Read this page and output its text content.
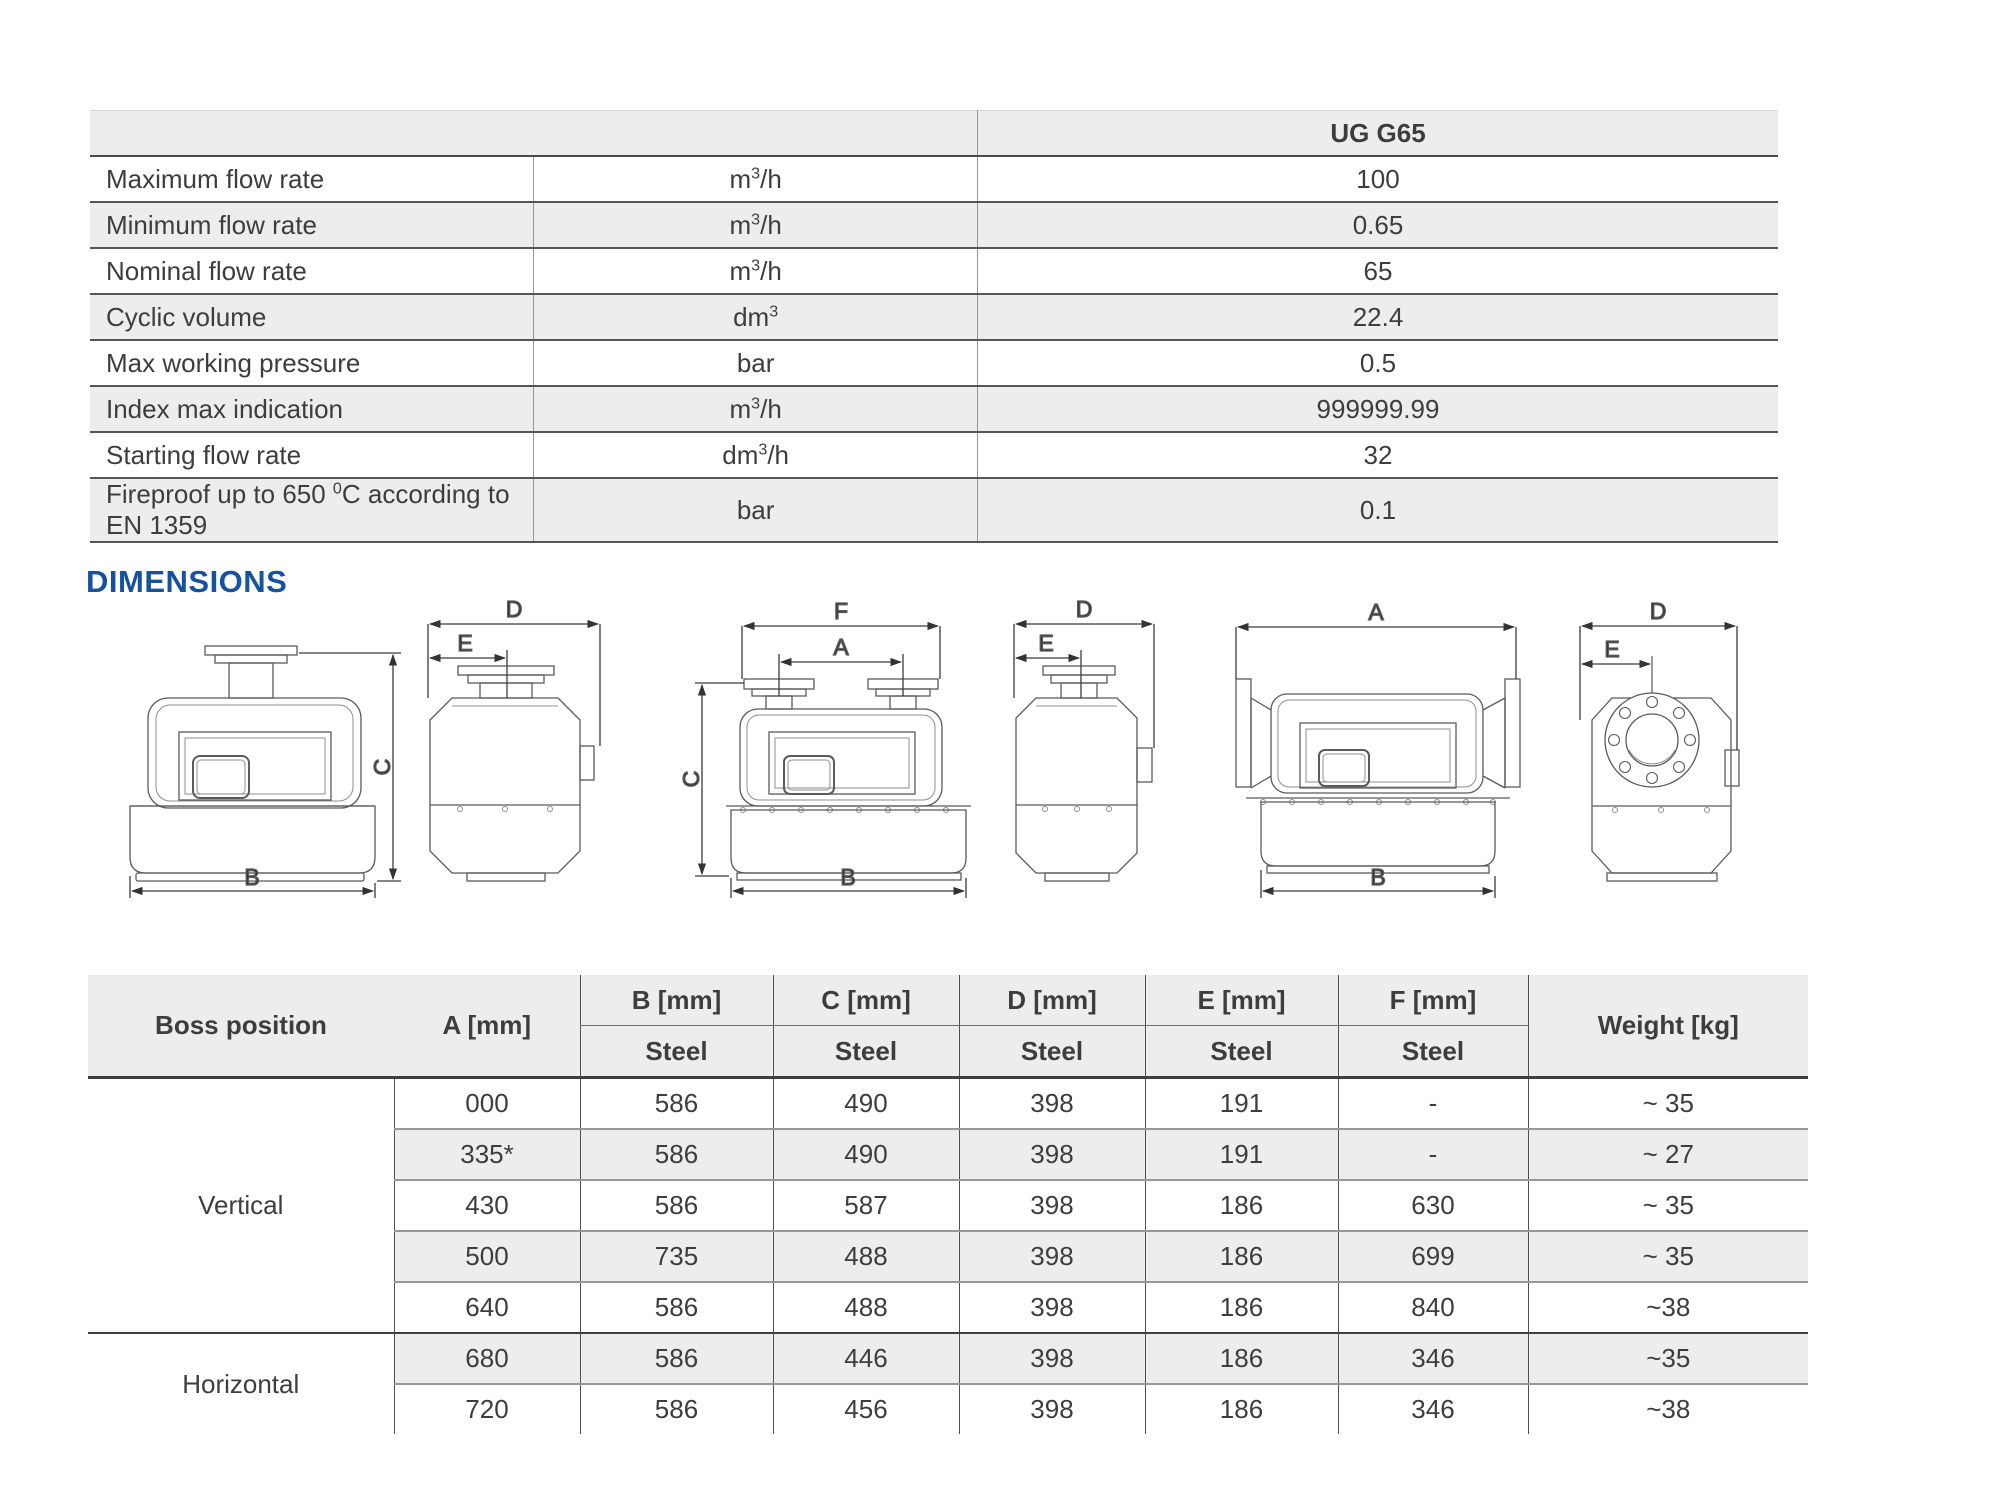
		UG G65
Maximum flow rate	$m^3/h$	100
Minimum flow rate	$m^3/h$	0.65
Nominal flow rate	$m^3/h$	65
Cyclic volume	$dm^3$	22.4
Max working pressure	bar	0.5
Index max indication	$m^3/h$	999999.99
Starting flow rate	$dm^3/h$	32
Fireproof up to 650 $^0$C according to EN 1359	bar	0.1
DIMENSIONS
C
B
D
E
F
A
C
B
D
E
A
B
D
E
Boss position	A [mm]	B [mm]	C [mm]	D [mm]	E [mm]	F [mm]	Weight [kg]
		Steel	Steel	Steel	Steel	Steel	
Vertical	000	586	490	398	191	-	~ 35
	335*	586	490	398	191	-	~ 27
	430	586	587	398	186	630	~ 35
	500	735	488	398	186	699	~ 35
	640	586	488	398	186	840	~38
Horizontal	680	586	446	398	186	346	~35
	720	586	456	398	186	346	~38
